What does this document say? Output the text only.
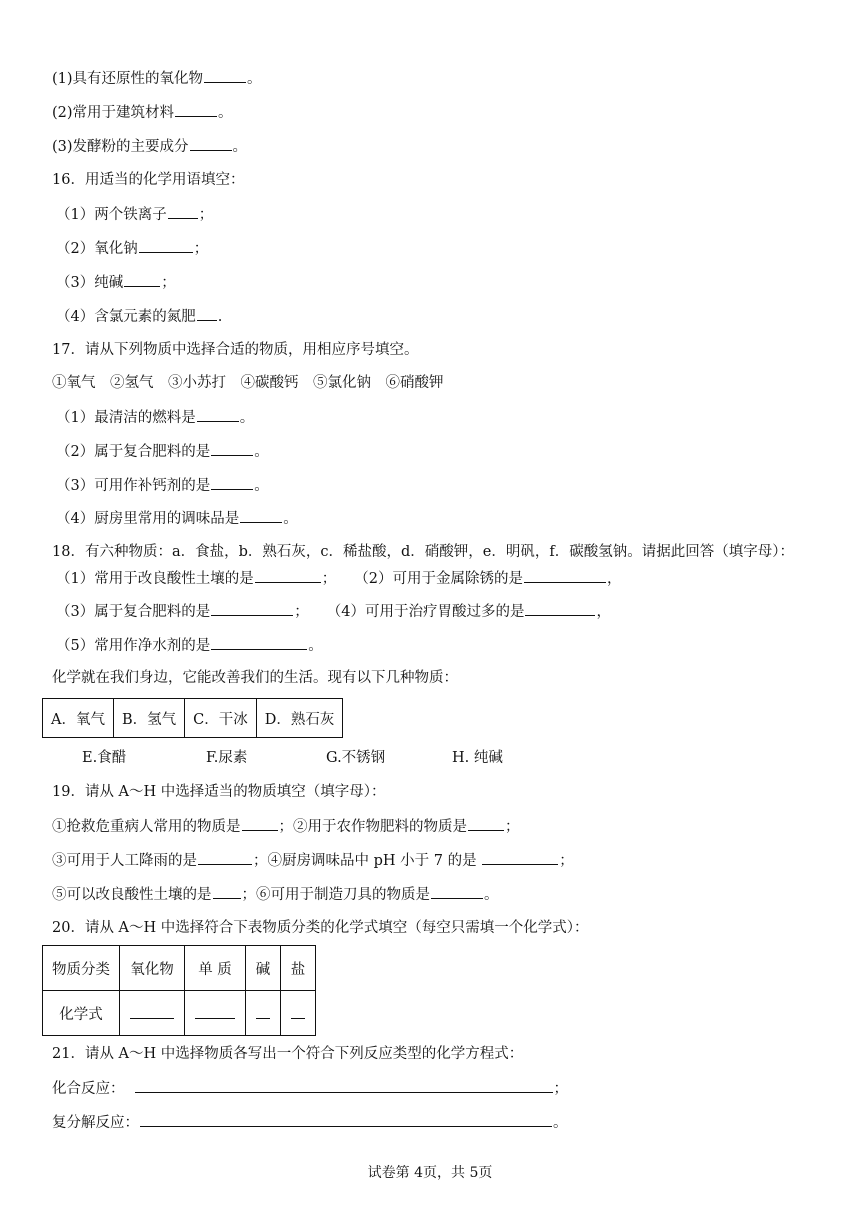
(1)具有还原性的氧化物	。
(2)常用于建筑材料	。
(3)发酵粉的主要成分	。
16．用适当的化学用语填空：
（1）两个铁离子 ；
（2）氧化钠	；
（3）纯碱	；
（4）含氯元素的氮肥 .
17．请从下列物质中选择合适的物质，用相应序号填空。
①氧气　②氢气　③小苏打　④碳酸钙　⑤氯化钠　⑥硝酸钾
（1）最清洁的燃料是	。
（2）属于复合肥料的是	。
（3）可用作补钙剂的是	。
（4）厨房里常用的调味品是	。
18．有六种物质：a．食盐，b．熟石灰，c．稀盐酸，d．硝酸钾，e．明矾，f．碳酸氢钠。请据此回答（填字母）：
（1）常用于改良酸性土壤的是	； （2）可用于金属除锈的是	，
（3）属于复合肥料的是	； （4）可用于治疗胃酸过多的是	，
（5）常用作净水剂的是	。
化学就在我们身边，它能改善我们的生活。现有以下几种物质：
A．氧气	B．氢气	C．干冰	D．熟石灰
E.食醋	F.尿素	G.不锈钢	H. 纯碱
19．请从 A～H 中选择适当的物质填空（填字母）：
①抢救危重病人常用的物质是	；②用于农作物肥料的物质是	；
③可用于人工降雨的是	；④厨房调味品中 pH 小于 7 的是	；
⑤可以改良酸性土壤的是 ；⑥可用于制造刀具的物质是	。
20．请从 A～H 中选择符合下表物质分类的化学式填空（每空只需填一个化学式）：
物质分类	氧化物	单 质	碱	盐
化学式				
21．请从 A～H 中选择物质各写出一个符合下列反应类型的化学方程式：
化合反应：	；
复分解反应：	。
试卷第 4页，共 5页
